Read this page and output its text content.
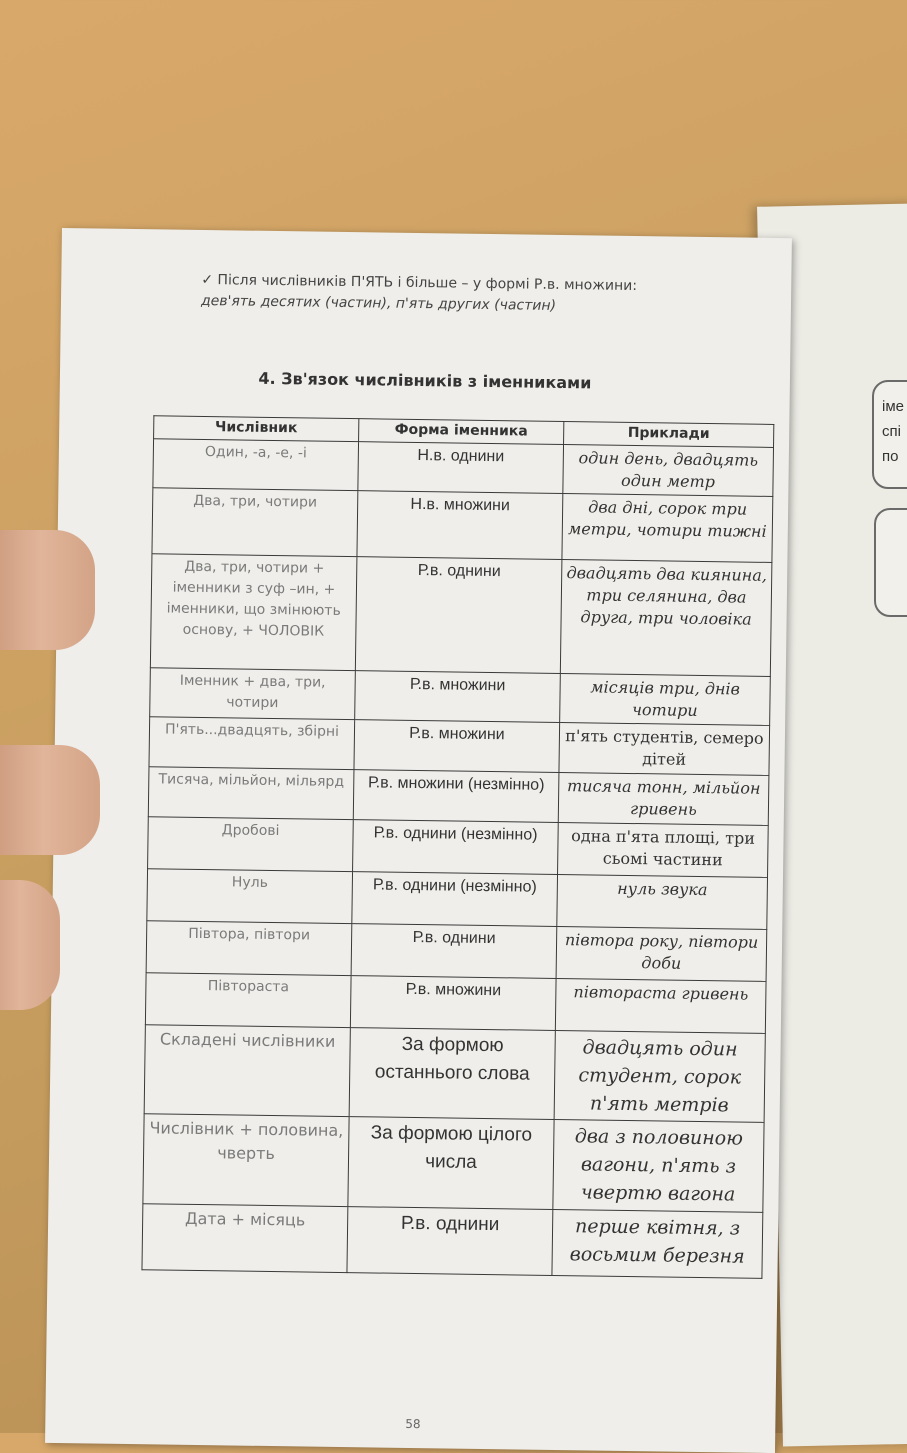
іме
спі
по
✓ Після числівників П'ЯТЬ і більше – у формі Р.в. множини:
дев'ять десятих (частин), п'ять других (частин)
4. Зв'язок числівників з іменниками
Числівник	Форма іменника	Приклади
Один, -а, -е, -і	Н.в. однини	один день, двадцять один метр
Два, три, чотири	Н.в. множини	два дні, сорок три метри, чотири тижні
Два, три, чотири + іменники з суф –ин, + іменники, що змінюють основу, + ЧОЛОВІК	Р.в. однини	двадцять два киянина, три селянина, два друга, три чоловіка
Іменник + два, три, чотири	Р.в. множини	місяців три, днів чотири
П'ять...двадцять, збірні	Р.в. множини	п'ять студентів, семеро дітей
Тисяча, мільйон, мільярд	Р.в. множини (незмінно)	тисяча тонн, мільйон гривень
Дробові	Р.в. однини (незмінно)	одна п'ята площі, три сьомі частини
Нуль	Р.в. однини (незмінно)	нуль звука
Півтора, півтори	Р.в. однини	півтора року, півтори доби
Півтораста	Р.в. множини	півтораста гривень
Складені числівники	За формою останнього слова	двадцять один студент, сорок п'ять метрів
Числівник + половина, чверть	За формою цілого числа	два з половиною вагони, п'ять з чвертю вагона
Дата + місяць	Р.в. однини	перше квітня, з восьмим березня
58
